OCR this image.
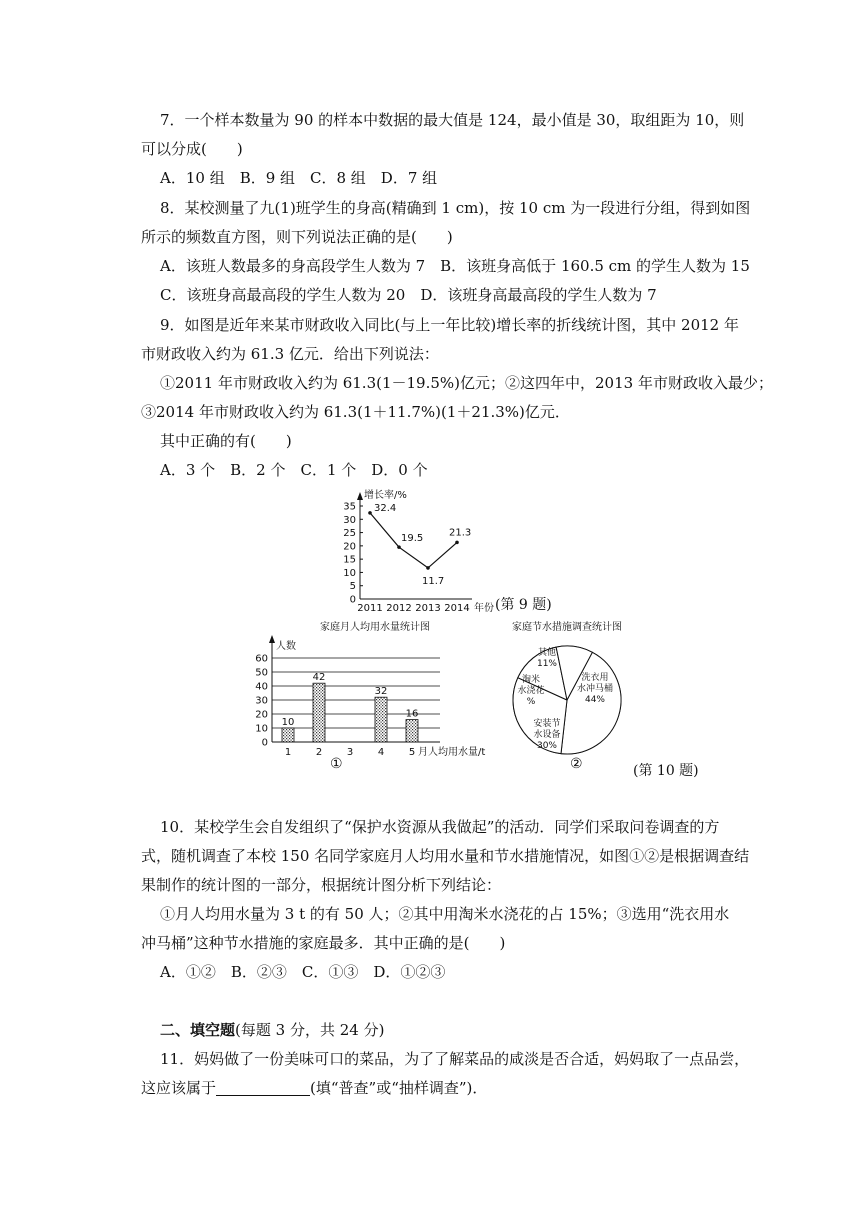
7．一个样本数量为 90 的样本中数据的最大值是 124，最小值是 30，取组距为 10，则
可以分成(　　)
A．10 组　B．9 组　C．8 组　D．7 组
8．某校测量了九(1)班学生的身高(精确到 1 cm)，按 10 cm 为一段进行分组，得到如图
所示的频数直方图，则下列说法正确的是(　　)
A．该班人数最多的身高段学生人数为 7　B．该班身高低于 160.5 cm 的学生人数为 15
C．该班身高最高段的学生人数为 20　D．该班身高最高段的学生人数为 7
9．如图是近年来某市财政收入同比(与上一年比较)增长率的折线统计图，其中 2012 年
市财政收入约为 61.3 亿元．给出下列说法：
①2011 年市财政收入约为 61.3(1－19.5%)亿元；②这四年中，2013 年市财政收入最少；
③2014 年市财政收入约为 61.3(1＋11.7%)(1＋21.3%)亿元．
其中正确的有(　　)
A．3 个　B．2 个　C．1 个　D．0 个
增长率/%
0
5
10
15
20
25
30
35
2011 2012 2013 2014 年份
32.4
19.5
11.7
21.3
(第 9 题)
家庭月人均用水量统计图
人数
0
10
20
30
40
50
60
1
10
2
42
3 4
32
5
16
月人均用水量/t
家庭节水措施调查统计图
洗衣用水冲马桶 44%
安装节水设备 30%
淘米水浇花%
其他 11%
①	②	(第 10 题)
10．某校学生会自发组织了“保护水资源从我做起”的活动．同学们采取问卷调查的方
式，随机调查了本校 150 名同学家庭月人均用水量和节水措施情况，如图①②是根据调查结
果制作的统计图的一部分，根据统计图分析下列结论：
①月人均用水量为 3 t 的有 50 人；②其中用淘米水浇花的占 15%；③选用“洗衣用水
冲马桶”这种节水措施的家庭最多．其中正确的是(　　)
A．①②　B．②③　C．①③　D．①②③
二、填空题(每题 3 分，共 24 分)
11．妈妈做了一份美味可口的菜品，为了了解菜品的咸淡是否合适，妈妈取了一点品尝，
这应该属于	(填“普查”或“抽样调查”)．
